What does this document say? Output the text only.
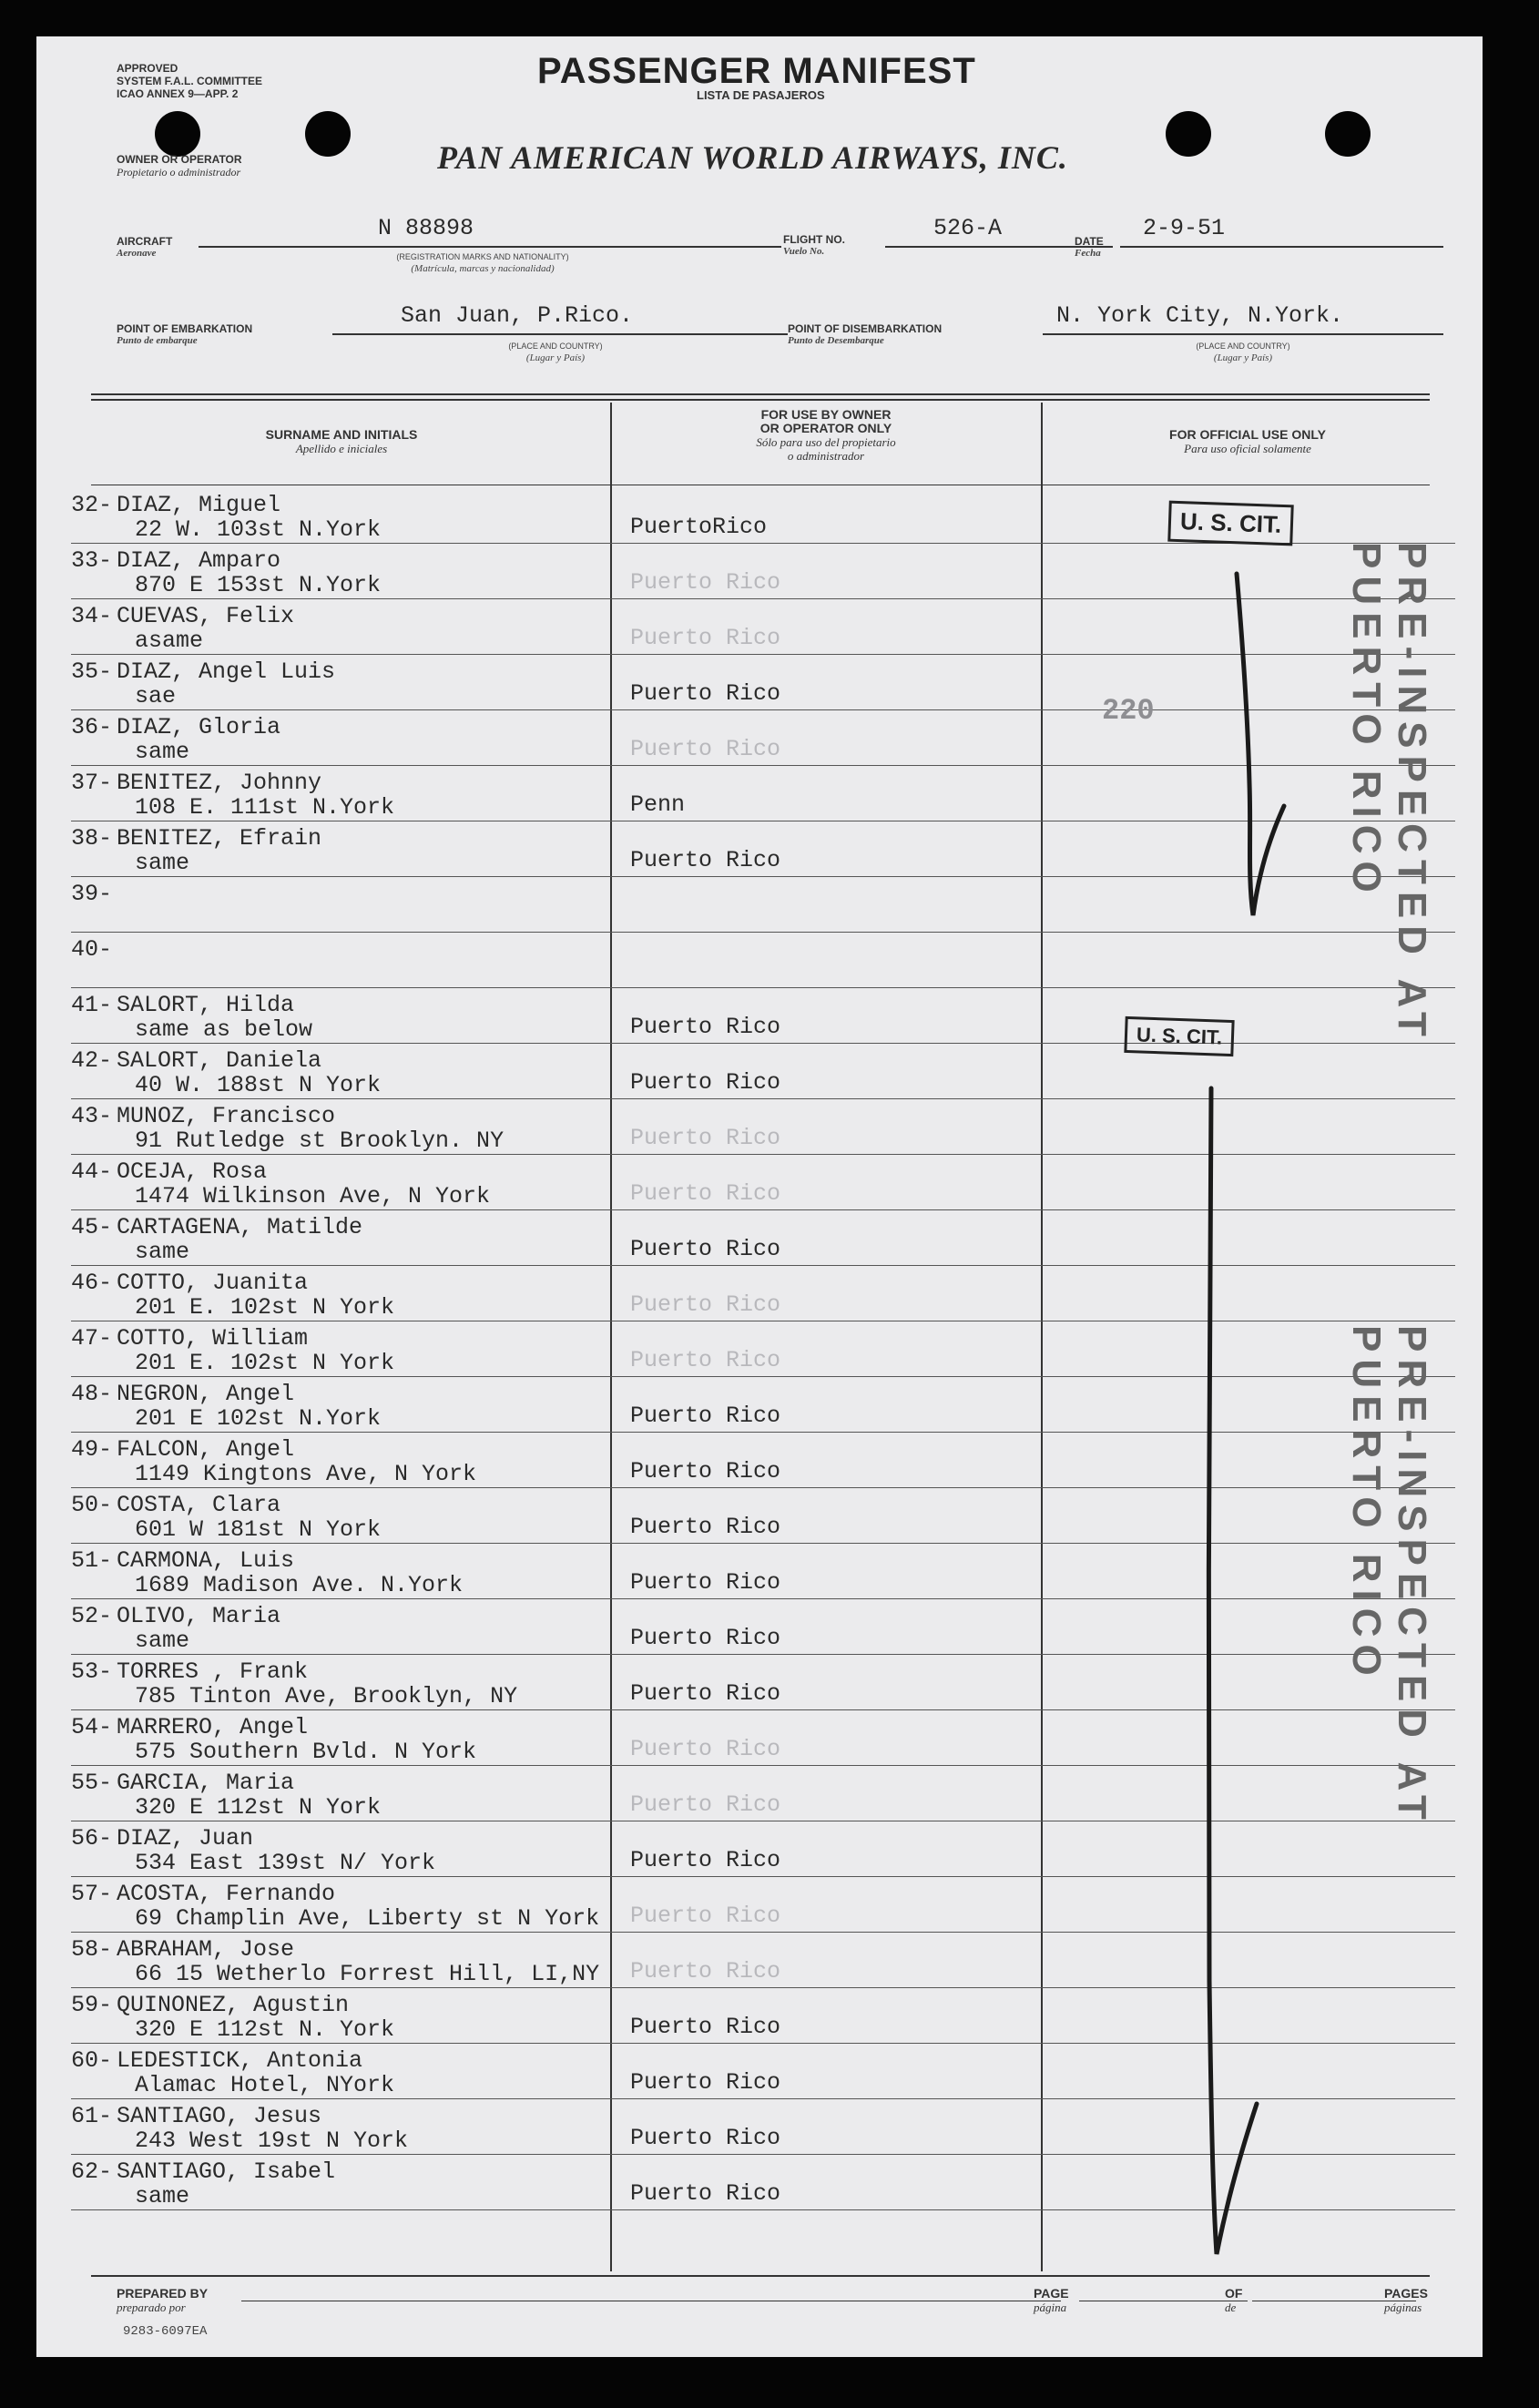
APPROVED
SYSTEM F.A.L. COMMITTEE
ICAO ANNEX 9—APP. 2
PASSENGER MANIFEST
LISTA DE PASAJEROS
OWNER OR OPERATOR
Propietario o administrador	PAN AMERICAN WORLD AIRWAYS, INC.
AIRCRAFT
Aeronave
N 88898
(REGISTRATION MARKS AND NATIONALITY)
(Matrícula, marcas y nacionalidad)
FLIGHT NO.
Vuelo No.
526-A	DATE
Fecha
2-9-51
POINT OF EMBARKATION
Punto de embarque
San Juan, P.Rico.
(PLACE AND COUNTRY)
(Lugar y País)
POINT OF DISEMBARKATION
Punto de Desembarque
N. York City, N.York.
(PLACE AND COUNTRY)
(Lugar y País)
SURNAME AND INITIALS
Apellido e iniciales
FOR USE BY OWNER
OR OPERATOR ONLY
Sólo para uso del propietario
o administrador
FOR OFFICIAL USE ONLY
Para uso oficial solamente
32- DIAZ, Miguel
22 W. 103st N.York	PuertoRico
33- DIAZ, Amparo
870 E 153st N.York	Puerto Rico
34- CUEVAS, Felix
asame	Puerto Rico
35- DIAZ, Angel Luis
sae	Puerto Rico
36- DIAZ, Gloria
same	Puerto Rico
37- BENITEZ, Johnny
108 E. 111st N.York	Penn
38- BENITEZ, Efrain
same	Puerto Rico
39-
40-
41- SALORT, Hilda
same as below	Puerto Rico
42- SALORT, Daniela
40 W. 188st N York	Puerto Rico
43- MUNOZ, Francisco
91 Rutledge st Brooklyn. NY	Puerto Rico
44- OCEJA, Rosa
1474 Wilkinson Ave, N York	Puerto Rico
45- CARTAGENA, Matilde
same	Puerto Rico
46- COTTO, Juanita
201 E. 102st N York	Puerto Rico
47- COTTO, William
201 E. 102st N York	Puerto Rico
48- NEGRON, Angel
201 E 102st N.York	Puerto Rico
49- FALCON, Angel
1149 Kingtons Ave, N York	Puerto Rico
50- COSTA, Clara
601 W 181st N York	Puerto Rico
51- CARMONA, Luis
1689 Madison Ave. N.York	Puerto Rico
52- OLIVO, Maria
same	Puerto Rico
53- TORRES , Frank
785 Tinton Ave, Brooklyn, NY	Puerto Rico
54- MARRERO, Angel
575 Southern Bvld. N York	Puerto Rico
55- GARCIA, Maria
320 E 112st N York	Puerto Rico
56- DIAZ, Juan
534 East 139st N/ York	Puerto Rico
57- ACOSTA, Fernando
69 Champlin Ave, Liberty st N York Puerto Rico
58- ABRAHAM, Jose
66 15 Wetherlo Forrest Hill, LI,NY Puerto Rico
59- QUINONEZ, Agustin
320 E 112st N. York	Puerto Rico
60- LEDESTICK, Antonia
Alamac Hotel, NYork	Puerto Rico
61- SANTIAGO, Jesus
243 West 19st N York	Puerto Rico
62- SANTIAGO, Isabel
same	Puerto Rico
U. S. CIT.
U. S. CIT.
220	PRE-INSPECTED AT PUERTO RICO
PRE-INSPECTED AT PUERTO RICO
PREPARED BY
preparado por
PAGE
página
OF
de
PAGES
páginas
9283-6097EA
